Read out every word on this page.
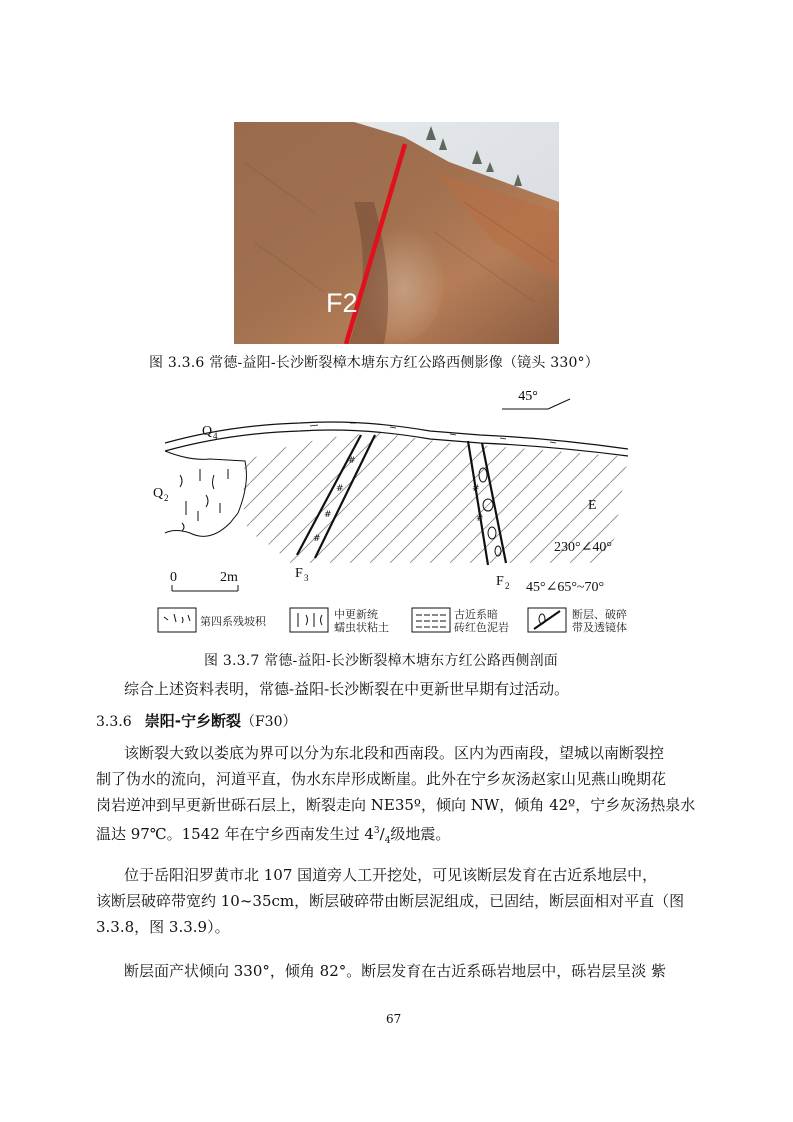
F2
图 3.3.6 常德-益阳-长沙断裂樟木塘东方红公路西侧影像（镜头 330°）
45°
#
#
#
#
#
#
Q 4
Q 2	E
F 3	F 2
230°∠40°
45°∠65°~70°
0	2m
第四系残坡积
中更新统
蠕虫状粘土
古近系暗
砖红色泥岩
断层、破碎
带及透镜体
图 3.3.7 常德-益阳-长沙断裂樟木塘东方红公路西侧剖面
综合上述资料表明，常德-益阳-长沙断裂在中更新世早期有过活动。
3.3.6 崇阳-宁乡断裂（F30）
该断裂大致以娄底为界可以分为东北段和西南段。区内为西南段，望城以南断裂控
制了伪水的流向，河道平直，伪水东岸形成断崖。此外在宁乡灰汤赵家山见燕山晚期花
岗岩逆冲到早更新世砾石层上，断裂走向 NE35º，倾向 NW，倾角 42º，宁乡灰汤热泉水
温达 97℃。1542 年在宁乡西南发生过 $4^3/_4$级地震。
位于岳阳汨罗黄市北 107 国道旁人工开挖处，可见该断层发育在古近系地层中，
该断层破碎带宽约 10~35cm，断层破碎带由断层泥组成，已固结，断层面相对平直（图
3.3.8，图 3.3.9）。
断层面产状倾向 330°，倾角 82°。断层发育在古近系砾岩地层中，砾岩层呈淡 紫
67
